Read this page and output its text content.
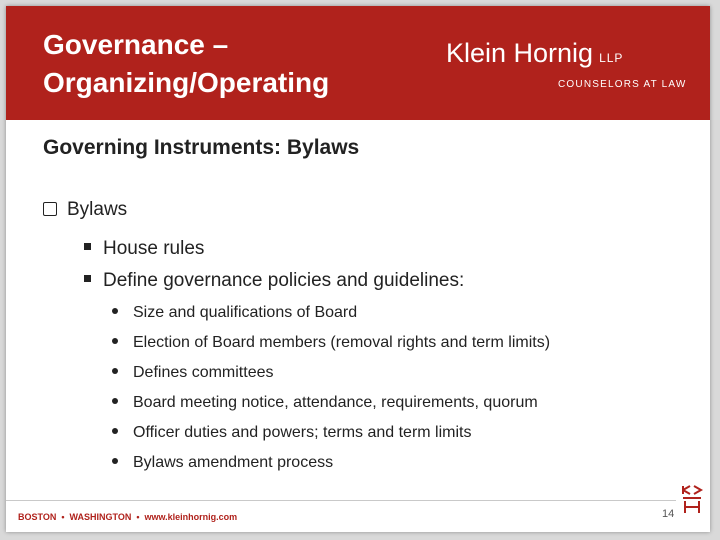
Governance –
Organizing/Operating
Klein Hornig LLP
COUNSELORS AT LAW
Governing Instruments: Bylaws
Bylaws
House rules
Define governance policies and guidelines:
Size and qualifications of Board
Election of Board members (removal rights and term limits)
Defines committees
Board meeting notice, attendance, requirements, quorum
Officer duties and powers; terms and term limits
Bylaws amendment process
BOSTON • WASHINGTON • www.kleinhornig.com	14
